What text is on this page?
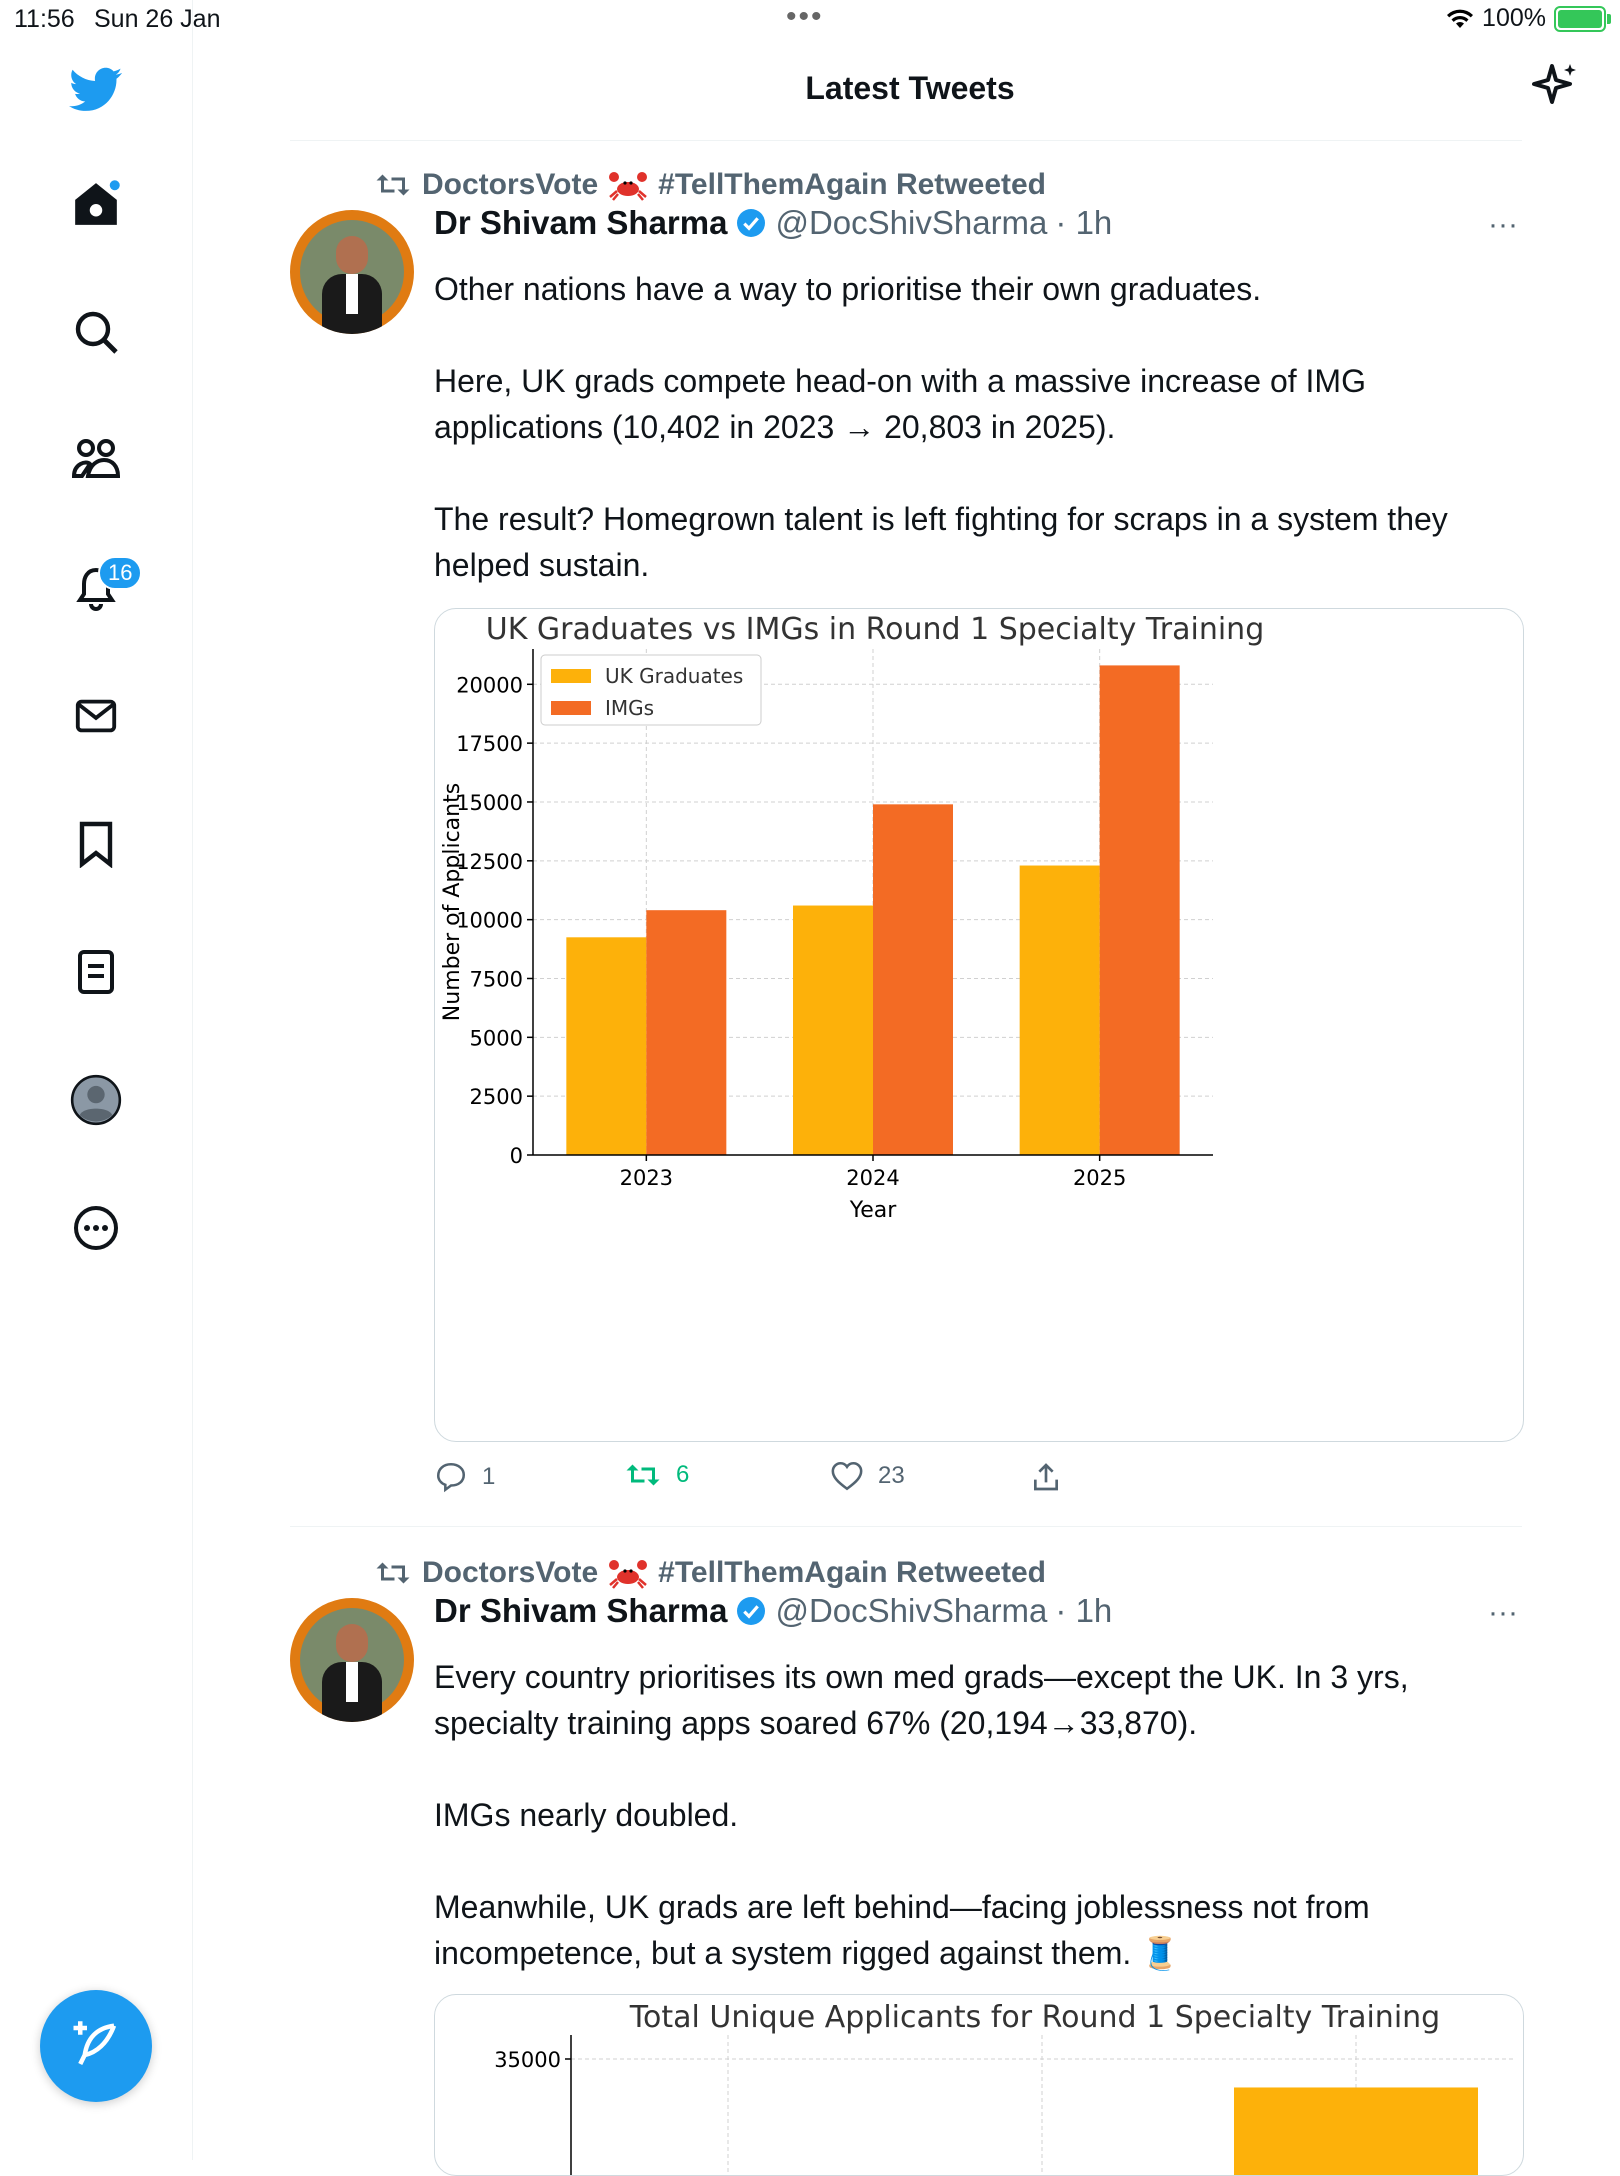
11:56 Sun 26 Jan	•••	100%
16
Latest Tweets
DoctorsVote #TellThemAgain Retweeted
Dr Shivam Sharma @DocShivSharma · 1h	···
Other nations have a way to prioritise their own graduates.
Here, UK grads compete head-on with a massive increase of IMG applications (10,402 in 2023 → 20,803 in 2025).
The result? Homegrown talent is left fighting for scraps in a system they helped sustain.
UK Graduates vs IMGs in Round 1 Specialty Training
0
2500
5000
7500
10000
12500
15000
17500
20000
2023	2024	2025
Year
Number of Applicants
UK Graduates
IMGs
1	6	23
DoctorsVote #TellThemAgain Retweeted
Dr Shivam Sharma @DocShivSharma · 1h	···
Every country prioritises its own med grads—except the UK. In 3 yrs, specialty training apps soared 67% (20,194→33,870).
IMGs nearly doubled.
Meanwhile, UK grads are left behind—facing joblessness not from incompetence, but a system rigged against them. 🧵
Total Unique Applicants for Round 1 Specialty Training
35000
